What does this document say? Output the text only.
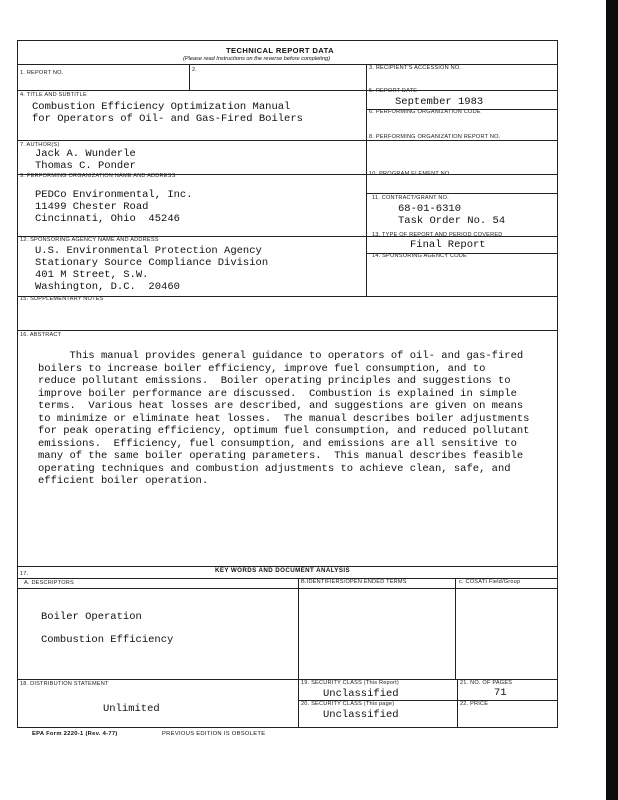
TECHNICAL REPORT DATA
(Please read Instructions on the reverse before completing)
1. REPORT NO.	2.	3. RECIPIENT'S ACCESSION NO.
4. TITLE AND SUBTITLE
Combustion Efficiency Optimization Manual
for Operators of Oil- and Gas-Fired Boilers
5. REPORT DATE
September 1983
6. PERFORMING ORGANIZATION CODE
7. AUTHOR(S)
Jack A. Wunderle
Thomas C. Ponder
8. PERFORMING ORGANIZATION REPORT NO.
9. PERFORMING ORGANIZATION NAME AND ADDRESS
PEDCo Environmental, Inc.
11499 Chester Road
Cincinnati, Ohio  45246
10. PROGRAM ELEMENT NO.
11. CONTRACT/GRANT NO.
68-01-6310
Task Order No. 54
12. SPONSORING AGENCY NAME AND ADDRESS
U.S. Environmental Protection Agency
Stationary Source Compliance Division
401 M Street, S.W.
Washington, D.C.  20460
13. TYPE OF REPORT AND PERIOD COVERED
Final Report
14. SPONSORING AGENCY CODE
15. SUPPLEMENTARY NOTES
16. ABSTRACT
This manual provides general guidance to operators of oil- and gas-fired
boilers to increase boiler efficiency, improve fuel consumption, and to
reduce pollutant emissions.  Boiler operating principles and suggestions to
improve boiler performance are discussed.  Combustion is explained in simple
terms.  Various heat losses are described, and suggestions are given on means
to minimize or eliminate heat losses.  The manual describes boiler adjustments
for peak operating efficiency, optimum fuel consumption, and reduced pollutant
emissions.  Efficiency, fuel consumption, and emissions are all sensitive to
many of the same boiler operating parameters.  This manual describes feasible
operating techniques and combustion adjustments to achieve clean, safe, and
efficient boiler operation.
17.	KEY WORDS AND DOCUMENT ANALYSIS
A. DESCRIPTORS	B.IDENTIFIERS/OPEN ENDED TERMS	c. COSATI Field/Group
Boiler Operation
Combustion Efficiency
18. DISTRIBUTION STATEMENT
Unlimited
19. SECURITY CLASS (This Report)
Unclassified
20. SECURITY CLASS (This page)
Unclassified
21. NO. OF PAGES
71
22. PRICE
EPA Form 2220-1 (Rev. 4-77)	PREVIOUS EDITION IS OBSOLETE
